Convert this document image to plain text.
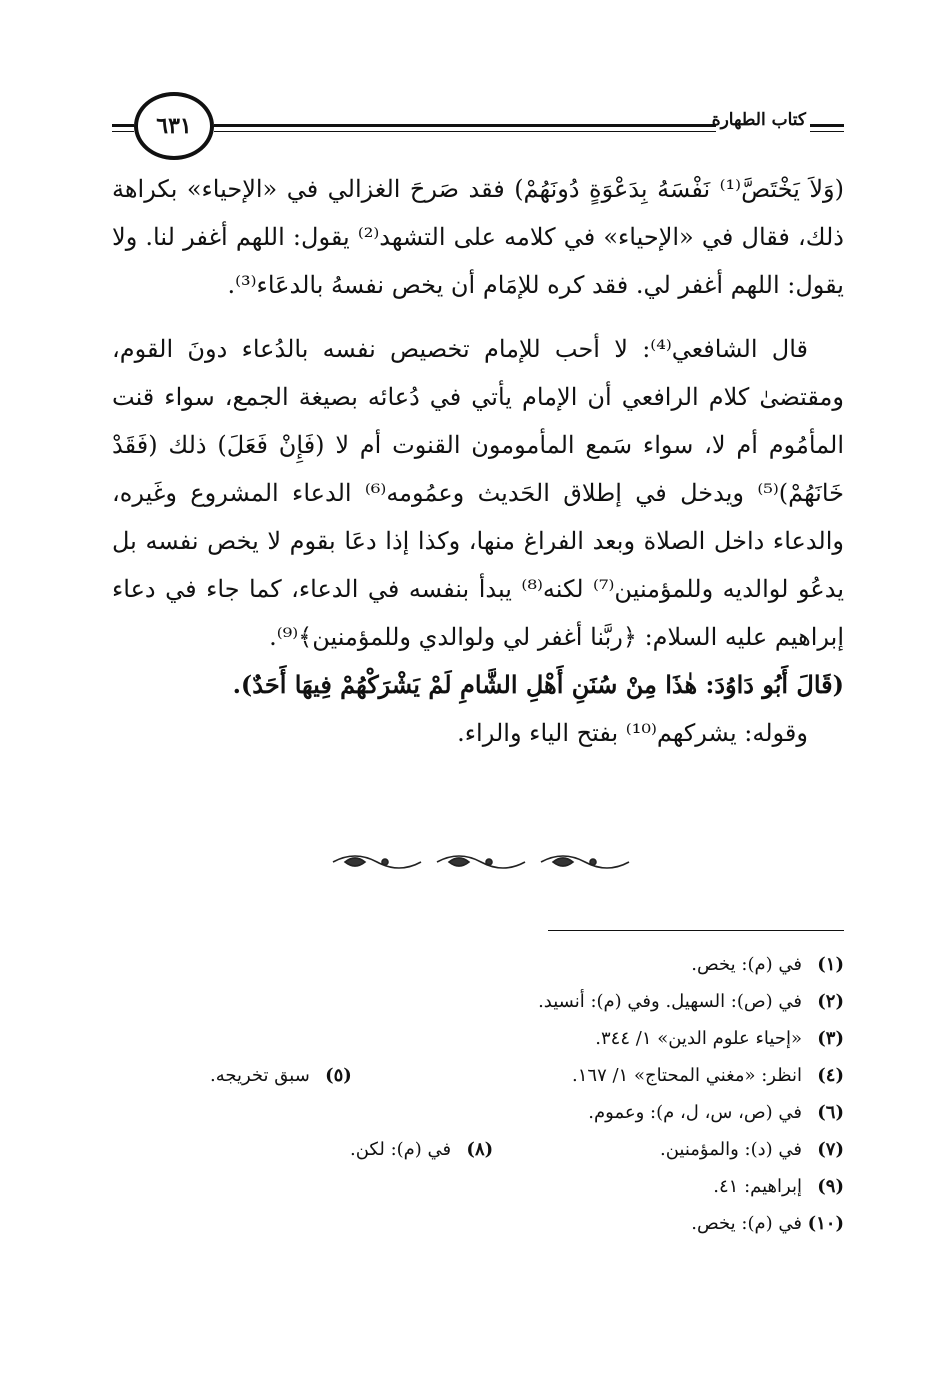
٦٣١	كتاب الطهارة

(وَلاَ يَخْتَصَّ⁽¹⁾ نَفْسَهُ بِدَعْوَةٍ دُونَهُمْ) فقد صَرحَ الغزالي في «الإحياء» بكراهة ذلك، فقال في «الإحياء» في كلامه على التشهد⁽²⁾ يقول: اللهم أغفر لنا. ولا يقول: اللهم أغفر لي. فقد كره للإمَام أن يخص نفسهُ بالدعَاء⁽³⁾.

قال الشافعي⁽⁴⁾: لا أحب للإمام تخصيص نفسه بالدُعاء دونَ القوم، ومقتضىٰ كلام الرافعي أن الإمام يأتي في دُعائه بصيغة الجمع، سواء قنت المأمُوم أم لا، سواء سَمع المأمومون القنوت أم لا (فَإِنْ فَعَلَ) ذلك (فَقَدْ خَانَهُمْ)⁽⁵⁾ ويدخل في إطلاق الحَديث وعمُومه⁽⁶⁾ الدعاء المشروع وغَيره، والدعاء داخل الصلاة وبعد الفراغ منها، وكذا إذا دعَا بقوم لا يخص نفسه بل يدعُو لوالديه وللمؤمنين⁽⁷⁾ لكنه⁽⁸⁾ يبدأ بنفسه في الدعاء، كما جاء في دعاء إبراهيم عليه السلام: ﴿ربَّنا أغفر لي ولوالدي وللمؤمنين﴾⁽⁹⁾.

(قَالَ أَبُو دَاوُدَ: هٰذَا مِنْ سُنَنِ أَهْلِ الشَّامِ لَمْ يَشْرَكْهُمْ فِيهَا أَحَدٌ).

وقوله: يشركهم⁽¹⁰⁾ بفتح الياء والراء.

(١)في (م): يخص.
(٢)في (ص): السهيل. وفي (م): أنسيد.
(٣)«إحياء علوم الدين» ١/ ٣٤٤.
(٤)انظر: «مغني المحتاج» ١/ ١٦٧.
(٥)سبق تخريجه.
(٦)في (ص، س، ل، م): وعموم.
(٧)في (د): والمؤمنين.
(٨)في (م): لكن.
(٩)إبراهيم: ٤١.
(١٠)في (م): يخص.
